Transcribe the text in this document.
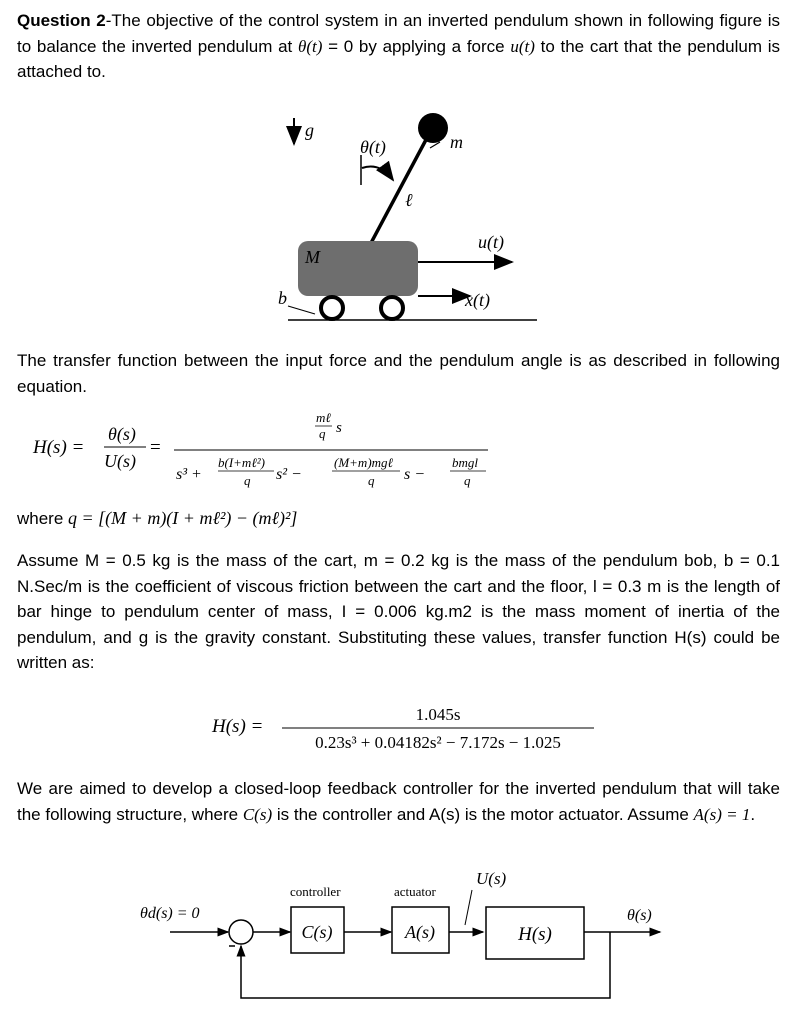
Question 2-The objective of the control system in an inverted pendulum shown in following figure is to balance the inverted pendulum at θ(t) = 0 by applying a force u(t) to the cart that the pendulum is attached to.
g
θ(t)	m
ℓ
M
u(t)
b	x(t)
The transfer function between the input force and the pendulum angle is as described in following equation.
H(s) =
θ(s)
U(s)
=
mℓ
q s
s³ +
b(I+mℓ²)
q s² −
(M+m)mgℓ
q s −
bmgl
q
where q = [(M + m)(I + mℓ²) − (mℓ)²]
Assume M = 0.5 kg is the mass of the cart, m = 0.2 kg is the mass of the pendulum bob, b = 0.1 N.Sec/m is the coefficient of viscous friction between the cart and the floor, l = 0.3 m is the length of bar hinge to pendulum center of mass, I = 0.006 kg.m2 is the mass moment of inertia of the pendulum, and g is the gravity constant. Substituting these values, transfer function H(s) could be written as:
H(s) =
1.045s
0.23s³ + 0.04182s² − 7.172s − 1.025
We are aimed to develop a closed-loop feedback controller for the inverted pendulum that will take the following structure, where C(s) is the controller and A(s) is the motor actuator. Assume A(s) = 1.
θd(s) = 0
controller
C(s)
actuator
A(s)
U(s)
H(s)
θ(s)
